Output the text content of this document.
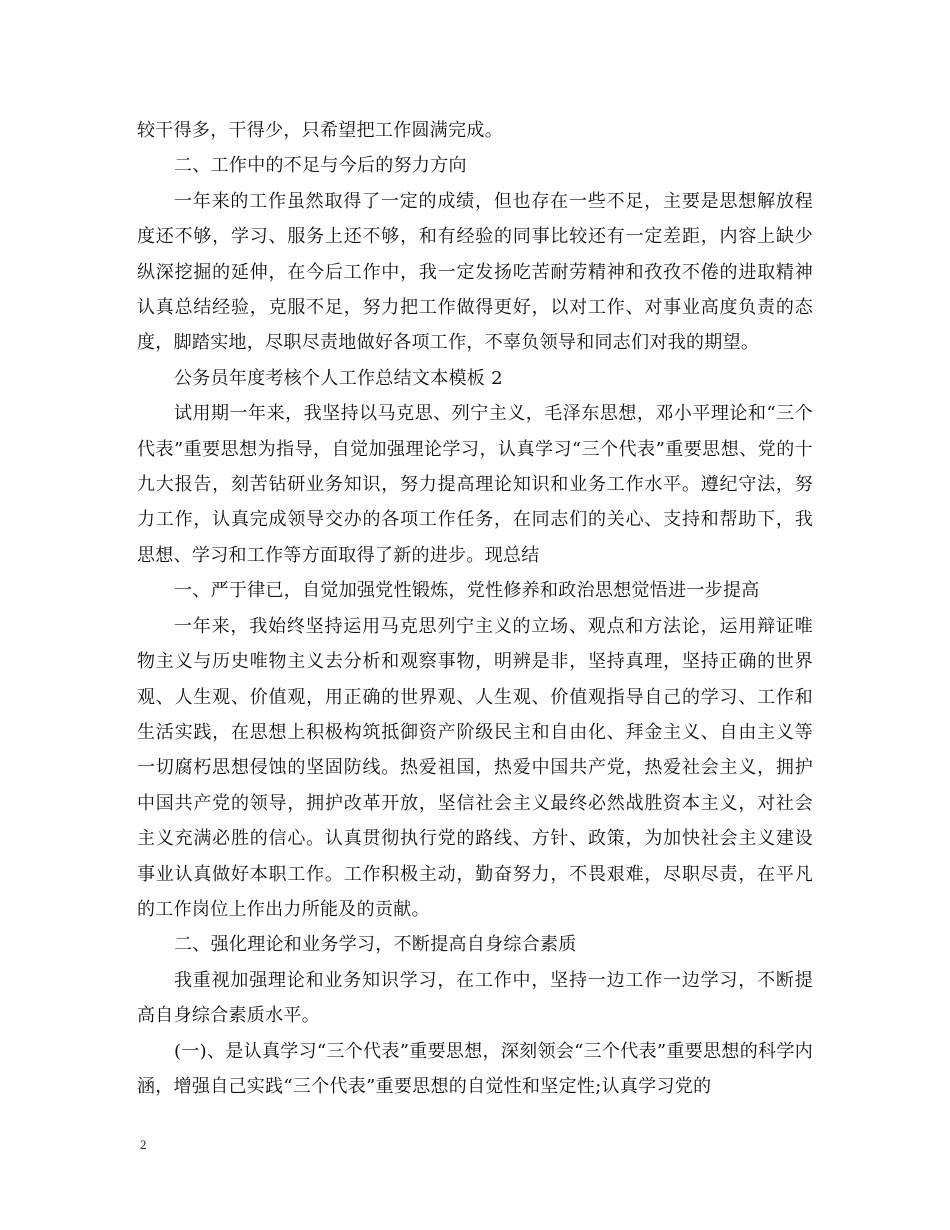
较干得多，干得少，只希望把工作圆满完成。

二、工作中的不足与今后的努力方向

一年来的工作虽然取得了一定的成绩，但也存在一些不足，主要是思想解放程度还不够，学习、服务上还不够，和有经验的同事比较还有一定差距，内容上缺少纵深挖掘的延伸，在今后工作中，我一定发扬吃苦耐劳精神和孜孜不倦的进取精神认真总结经验，克服不足，努力把工作做得更好，以对工作、对事业高度负责的态度，脚踏实地，尽职尽责地做好各项工作，不辜负领导和同志们对我的期望。

公务员年度考核个人工作总结文本模板 2

试用期一年来，我坚持以马克思、列宁主义，毛泽东思想，邓小平理论和“三个代表”重要思想为指导，自觉加强理论学习，认真学习“三个代表”重要思想、党的十九大报告，刻苦钻研业务知识，努力提高理论知识和业务工作水平。遵纪守法，努力工作，认真完成领导交办的各项工作任务，在同志们的关心、支持和帮助下，我思想、学习和工作等方面取得了新的进步。现总结

一、严于律已，自觉加强党性锻炼，党性修养和政治思想觉悟进一步提高

一年来，我始终坚持运用马克思列宁主义的立场、观点和方法论，运用辩证唯物主义与历史唯物主义去分析和观察事物，明辨是非，坚持真理，坚持正确的世界观、人生观、价值观，用正确的世界观、人生观、价值观指导自己的学习、工作和生活实践，在思想上积极构筑抵御资产阶级民主和自由化、拜金主义、自由主义等一切腐朽思想侵蚀的坚固防线。热爱祖国，热爱中国共产党，热爱社会主义，拥护中国共产党的领导，拥护改革开放，坚信社会主义最终必然战胜资本主义，对社会主义充满必胜的信心。认真贯彻执行党的路线、方针、政策，为加快社会主义建设事业认真做好本职工作。工作积极主动，勤奋努力，不畏艰难，尽职尽责，在平凡的工作岗位上作出力所能及的贡献。

二、强化理论和业务学习，不断提高自身综合素质

我重视加强理论和业务知识学习，在工作中，坚持一边工作一边学习，不断提高自身综合素质水平。

(一)、是认真学习“三个代表”重要思想，深刻领会“三个代表”重要思想的科学内涵，增强自己实践“三个代表”重要思想的自觉性和坚定性;认真学习党的

2
